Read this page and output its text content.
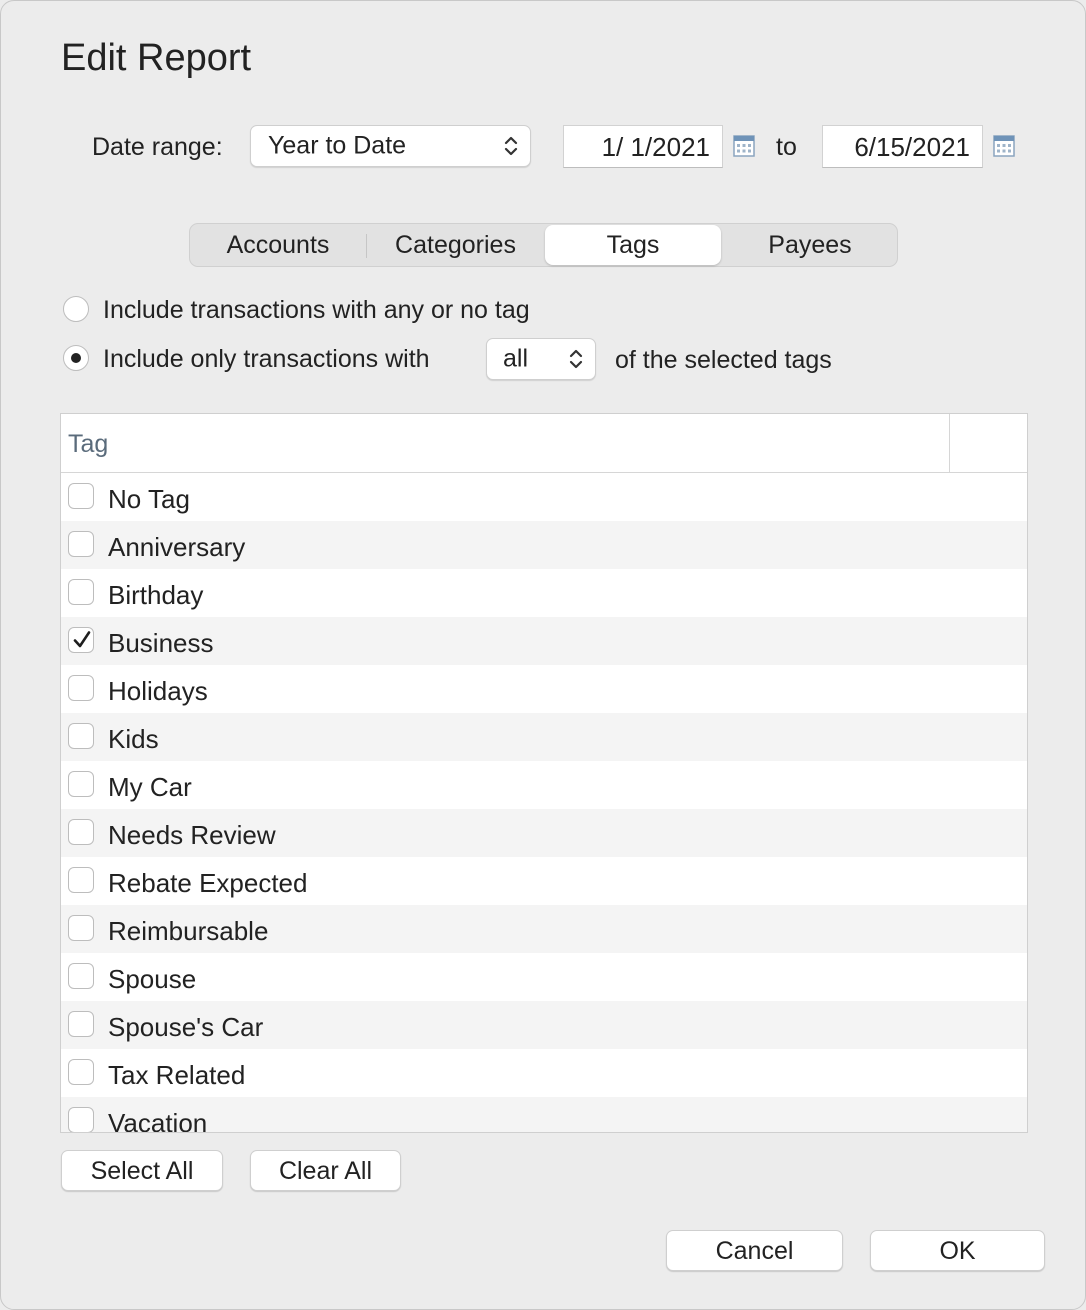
Edit Report
Date range: Year to Date	1/ 1/2021	to	6/15/2021
Accounts	Categories	Tags	Payees
Include transactions with any or no tag
Include only transactions with	all	of the selected tags
Tag
No Tag
Anniversary
Birthday
Business
Holidays
Kids
My Car
Needs Review
Rebate Expected
Reimbursable
Spouse
Spouse's Car
Tax Related
Vacation
Select All	Clear All
Cancel	OK
